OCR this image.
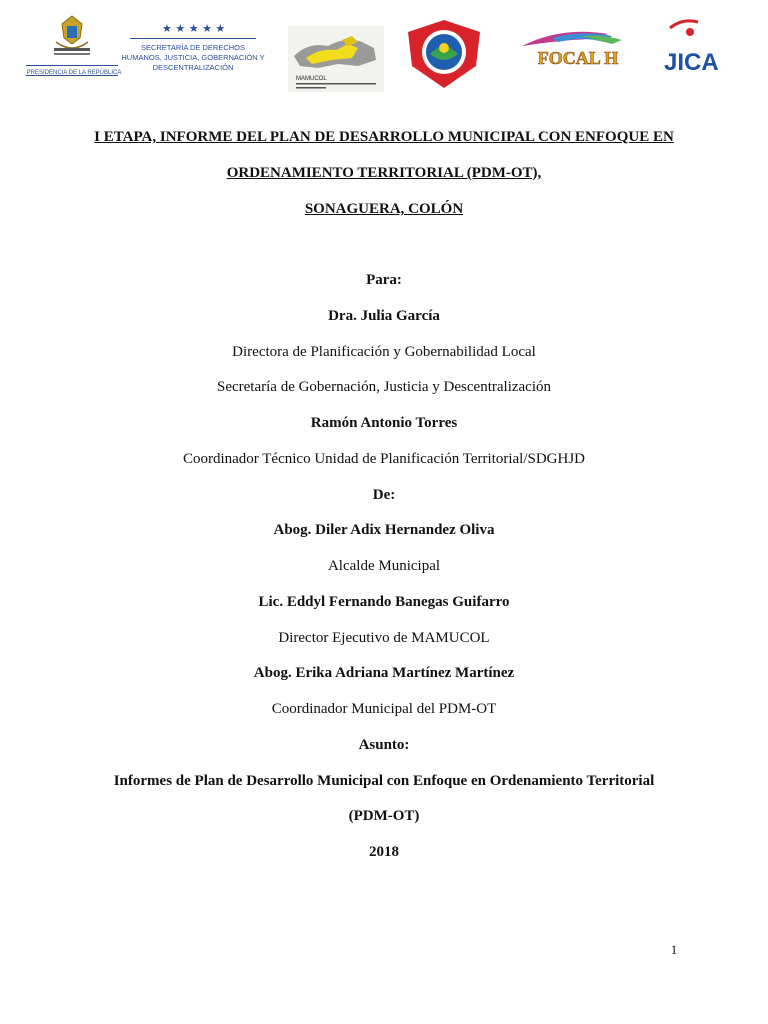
PRESIDENCIA DE LA REPÚBLICA
★ ★ ★ ★ ★
SECRETARÍA DE DERECHOS
HUMANOS, JUSTICIA, GOBERNACIÓN Y
DESCENTRALIZACIÓN
MAMUCOL
FOCAL H JICA
I ETAPA, INFORME DEL PLAN DE DESARROLLO MUNICIPAL CON ENFOQUE EN
ORDENAMIENTO TERRITORIAL (PDM-OT),
SONAGUERA, COLÓN
Para:
Dra. Julia García
Directora de Planificación y Gobernabilidad Local
Secretaría de Gobernación, Justicia y Descentralización
Ramón Antonio Torres
Coordinador Técnico Unidad de Planificación Territorial/SDGHJD
De:
Abog. Diler Adix Hernandez Oliva
Alcalde Municipal
Lic. Eddyl Fernando Banegas Guifarro
Director Ejecutivo de MAMUCOL
Abog. Erika Adriana Martínez Martínez
Coordinador Municipal del PDM-OT
Asunto:
Informes de Plan de Desarrollo Municipal con Enfoque en Ordenamiento Territorial
(PDM-OT)
2018
1
